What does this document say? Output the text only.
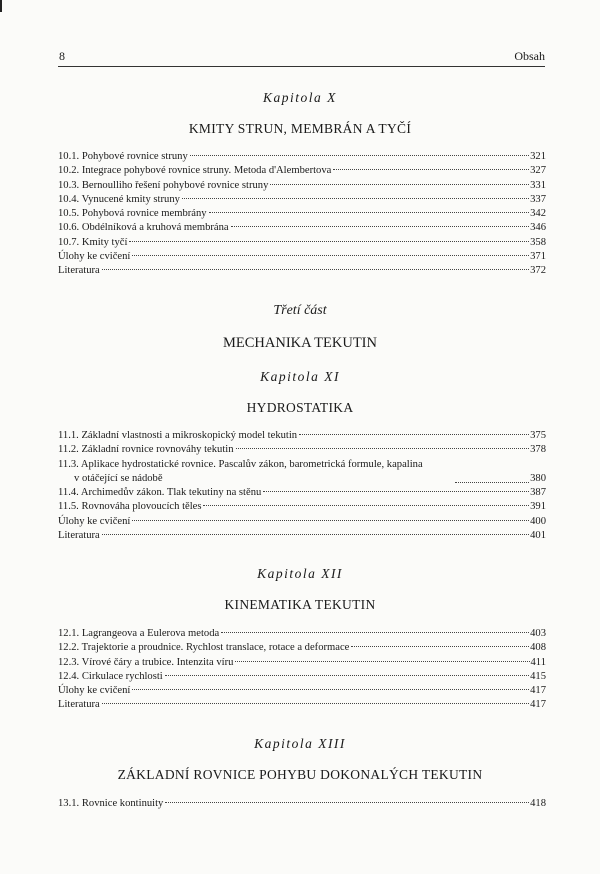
8	Obsah
Kapitola X
KMITY STRUN, MEMBRÁN A TYČÍ
10.1. Pohybové rovnice struny	321
10.2. Integrace pohybové rovnice struny. Metoda d'Alembertova	327
10.3. Bernoulliho řešení pohybové rovnice struny	331
10.4. Vynucené kmity struny	337
10.5. Pohybová rovnice membrány	342
10.6. Obdélníková a kruhová membrána	346
10.7. Kmity tyčí	358
Úlohy ke cvičení	371
Literatura	372
Třetí část
MECHANIKA TEKUTIN
Kapitola XI
HYDROSTATIKA
11.1. Základní vlastnosti a mikroskopický model tekutin	375
11.2. Základní rovnice rovnováhy tekutin	378
11.3. Aplikace hydrostatické rovnice. Pascalův zákon, barometrická formule, kapalina
v otáčející se nádobě	380
11.4. Archimedův zákon. Tlak tekutiny na stěnu	387
11.5. Rovnováha plovoucích těles	391
Úlohy ke cvičení	400
Literatura	401
Kapitola XII
KINEMATIKA TEKUTIN
12.1. Lagrangeova a Eulerova metoda	403
12.2. Trajektorie a proudnice. Rychlost translace, rotace a deformace	408
12.3. Vírové čáry a trubice. Intenzita víru	411
12.4. Cirkulace rychlosti	415
Úlohy ke cvičení	417
Literatura	417
Kapitola XIII
ZÁKLADNÍ ROVNICE POHYBU DOKONALÝCH TEKUTIN
13.1. Rovnice kontinuity	418
